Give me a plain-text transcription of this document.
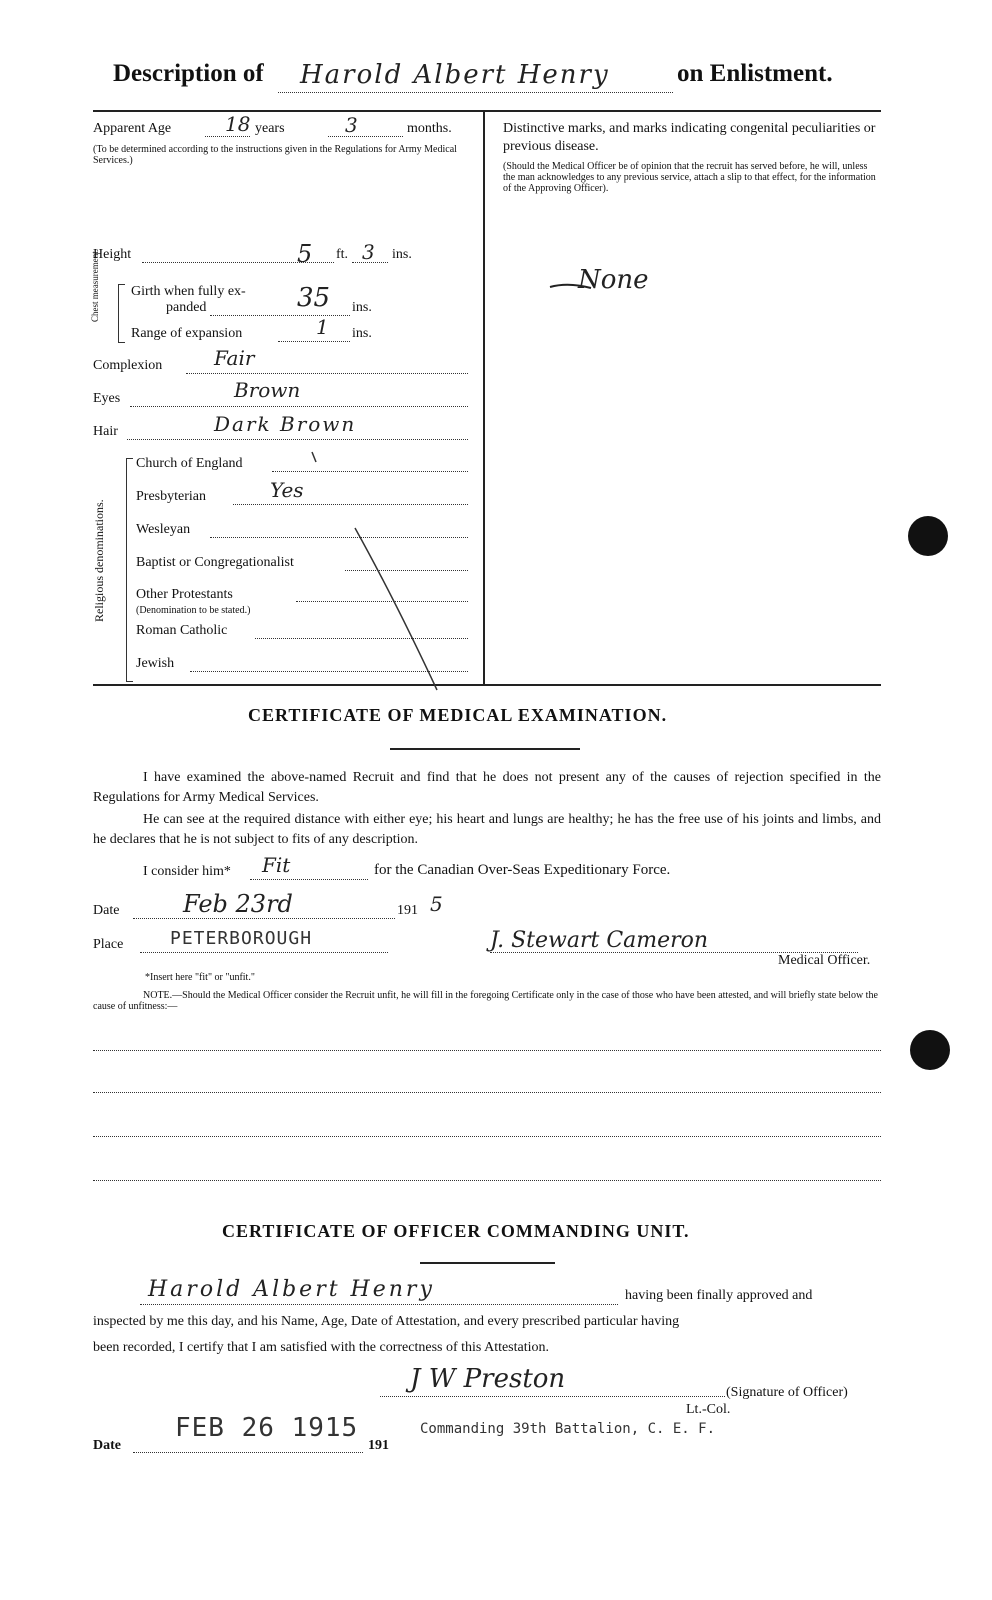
Description of Harold Albert Henry	on Enlistment.
Apparent Age	18 years	3	months.
(To be determined according to the instructions given in the Regulations for Army Medical Services.)
Height	5 ft. 3 ins.
Chest measurement. Girth when fully ex-
panded	35 ins.
Range of expansion	1 ins.
Complexion	Fair
Eyes	Brown
Hair	Dark Brown
Religious denominations.
Church of England
Presbyterian	Yes
Wesleyan
Baptist or Congregationalist
Other Protestants
(Denomination to be stated.)
Roman Catholic
Jewish
Distinctive marks, and marks indicating congenital peculiarities or previous disease.
(Should the Medical Officer be of opinion that the recruit has served before, he will, unless the man acknowledges to any previous service, attach a slip to that effect, for the information of the Approving Officer).
None
CERTIFICATE OF MEDICAL EXAMINATION.
I have examined the above-named Recruit and find that he does not present any of the causes of rejection specified in the Regulations for Army Medical Services.
He can see at the required distance with either eye; his heart and lungs are healthy; he has the free use of his joints and limbs, and he declares that he is not subject to fits of any description.
I consider him* Fit	for the Canadian Over-Seas Expeditionary Force.
Date	Feb 23rd	191 5
Place	PETERBOROUGH	J. Stewart Cameron
Medical Officer.
*Insert here "fit" or "unfit."
NOTE.—Should the Medical Officer consider the Recruit unfit, he will fill in the foregoing Certificate only in the case of those who have been attested, and will briefly state below the cause of unfitness:—
CERTIFICATE OF OFFICER COMMANDING UNIT.
Harold Albert Henry	having been finally approved and
inspected by me this day, and his Name, Age, Date of Attestation, and every prescribed particular having
been recorded, I certify that I am satisfied with the correctness of this Attestation.
J W Preston	(Signature of Officer)
Lt.-Col.
Commanding 39th Battalion, C. E. F.
Date
FEB 26 1915
191
